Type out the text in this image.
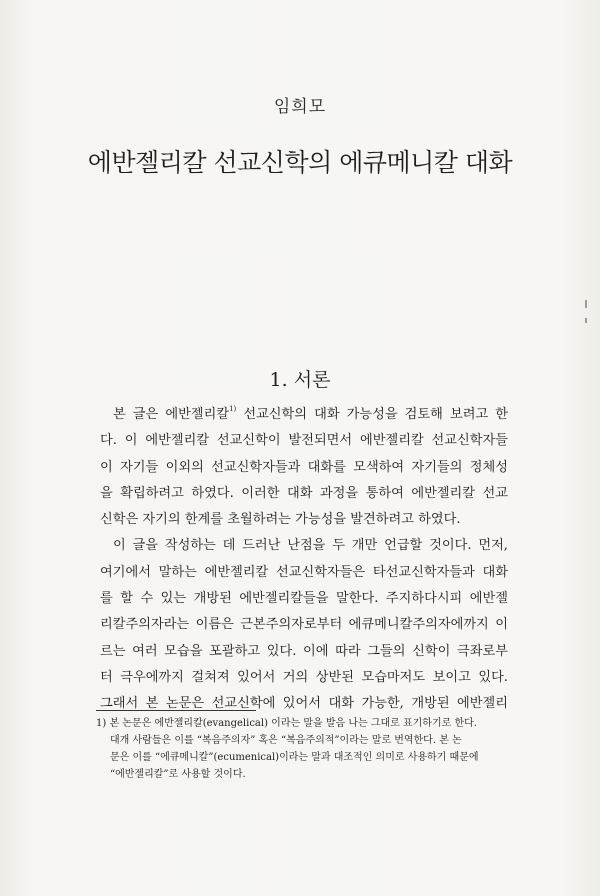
임희모
에반젤리칼 선교신학의 에큐메니칼 대화
1. 서론
본 글은 에반젤리칼$^{1)}$ 선교신학의 대화 가능성을 검토해 보려고 한
다. 이 에반젤리칼 선교신학이 발전되면서 에반젤리칼 선교신학자들
이 자기들 이외의 선교신학자들과 대화를 모색하여 자기들의 정체성
을 확립하려고 하였다. 이러한 대화 과정을 통하여 에반젤리칼 선교
신학은 자기의 한계를 초월하려는 가능성을 발견하려고 하였다.
이 글을 작성하는 데 드러난 난점을 두 개만 언급할 것이다. 먼저,
여기에서 말하는 에반젤리칼 선교신학자들은 타선교신학자들과 대화
를 할 수 있는 개방된 에반젤리칼들을 말한다. 주지하다시피 에반젤
리칼주의자라는 이름은 근본주의자로부터 에큐메니칼주의자에까지 이
르는 여러 모습을 포괄하고 있다. 이에 따라 그들의 신학이 극좌로부
터 극우에까지 걸쳐져 있어서 거의 상반된 모습마저도 보이고 있다.
그래서 본 논문은 선교신학에 있어서 대화 가능한, 개방된 에반젤리
1) 본 논문은 에반젤리칼(evangelical) 이라는 말을 발음 나는 그대로 표기하기로 한다.
대개 사람들은 이를 “복음주의자” 혹은 “복음주의적”이라는 말로 번역한다. 본 논
문은 이를 “에큐메니칼”(ecumenical)이라는 말과 대조적인 의미로 사용하기 때문에
“에반젤리칼”로 사용할 것이다.
